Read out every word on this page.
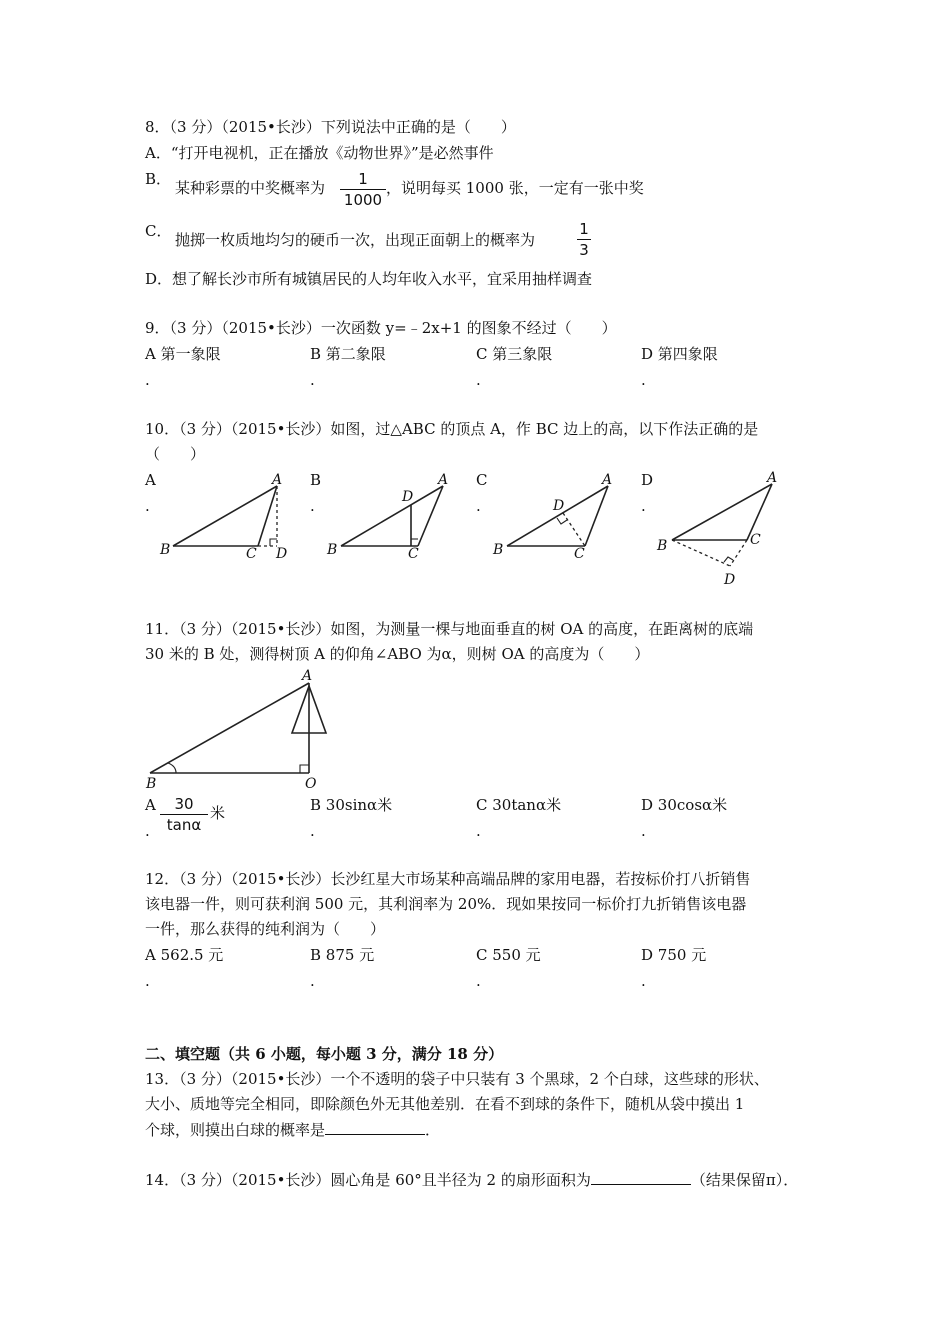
8．（3 分）（2015•长沙）下列说法中正确的是（　　）
A．“打开电视机，正在播放《动物世界》”是必然事件
B． 某种彩票的中奖概率为	1
1000
，说明每买 1000 张，一定有一张中奖
C． 抛掷一枚质地均匀的硬币一次，出现正面朝上的概率为
1
3
D．想了解长沙市所有城镇居民的人均年收入水平，宜采用抽样调查
9．（3 分）（2015•长沙）一次函数 y=﹣2x+1 的图象不经过（　　）
A 第一象限	B 第二象限	C 第三象限	D 第四象限
.	.	.	.
10．（3 分）（2015•长沙）如图，过△ABC 的顶点 A，作 BC 边上的高，以下作法正确的是
（　　）
A	B	C	D
.	.	.	.
A
B	C D
A
B	C
D
A
B	C
D
A
B	C
D
11．（3 分）（2015•长沙）如图，为测量一棵与地面垂直的树 OA 的高度，在距离树的底端
30 米的 B 处，测得树顶 A 的仰角∠ABO 为α，则树 OA 的高度为（　　）
A
B	O
A	30
tanα
米	B 30sinα米	C 30tanα米	D 30cosα米
.	.	.	.
12．（3 分）（2015•长沙）长沙红星大市场某种高端品牌的家用电器，若按标价打八折销售
该电器一件，则可获利润 500 元，其利润率为 20%．现如果按同一标价打九折销售该电器
一件，那么获得的纯利润为（　　）
A 562.5 元	B 875 元	C 550 元	D 750 元
.	.	.	.
二、填空题（共 6 小题，每小题 3 分，满分 18 分）
13．（3 分）（2015•长沙）一个不透明的袋子中只装有 3 个黑球，2 个白球，这些球的形状、
大小、质地等完全相同，即除颜色外无其他差别．在看不到球的条件下，随机从袋中摸出 1
个球，则摸出白球的概率是	．
14．（3 分）（2015•长沙）圆心角是 60°且半径为 2 的扇形面积为	（结果保留π）．
